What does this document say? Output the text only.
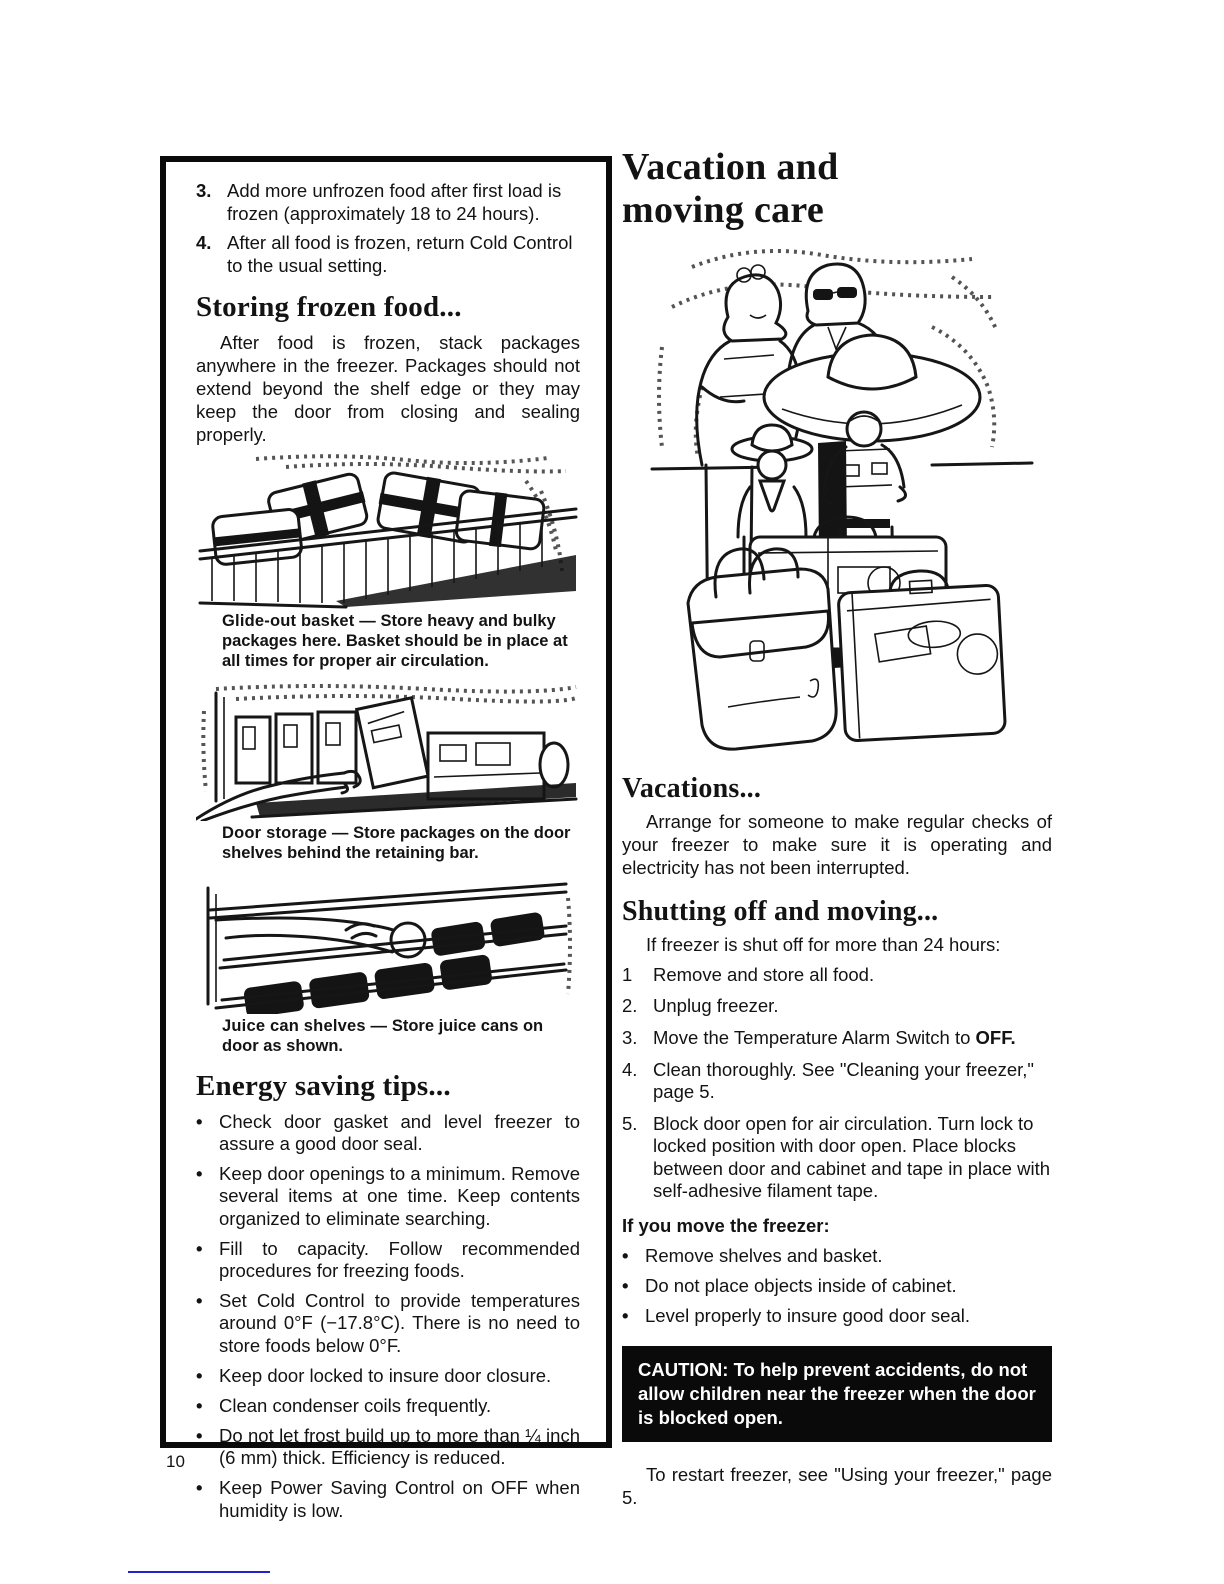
3. Add more unfrozen food after first load is frozen (approximately 18 to 24 hours).
4. After all food is frozen, return Cold Control to the usual setting.
Storing frozen food...

After food is frozen, stack packages anywhere in the freezer. Packages should not extend beyond the shelf edge or they may keep the door from closing and sealing properly.

Glide-out basket — Store heavy and bulky packages here. Basket should be in place at all times for proper air circulation.

Door storage — Store packages on the door shelves behind the retaining bar.

Juice can shelves — Store juice cans on door as shown.

Energy saving tips...
• Check door gasket and level freezer to assure a good door seal.
• Keep door openings to a minimum. Remove several items at one time. Keep contents organized to eliminate searching.
• Fill to capacity. Follow recommended procedures for freezing foods.
• Set Cold Control to provide temperatures around 0°F (−17.8°C). There is no need to store foods below 0°F.
• Keep door locked to insure door closure.
• Clean condenser coils frequently.
• Do not let frost build up to more than ¼ inch (6 mm) thick. Efficiency is reduced.
• Keep Power Saving Control on OFF when humidity is low.
Vacation and
moving care
Vacations...

Arrange for someone to make regular checks of your freezer to make sure it is operating and electricity has not been interrupted.

Shutting off and moving...

If freezer is shut off for more than 24 hours:

1	Remove and store all food.
2. Unplug freezer.
3. Move the Temperature Alarm Switch to OFF.
4. Clean thoroughly. See "Cleaning your freezer," page 5.
5. Block door open for air circulation. Turn lock to locked position with door open. Place blocks between door and cabinet and tape in place with self-adhesive filament tape.
If you move the freezer:
• Remove shelves and basket.
• Do not place objects inside of cabinet.
• Level properly to insure good door seal.
CAUTION: To help prevent accidents, do not allow children near the freezer when the door is blocked open.

To restart freezer, see "Using your freezer," page 5.

10
